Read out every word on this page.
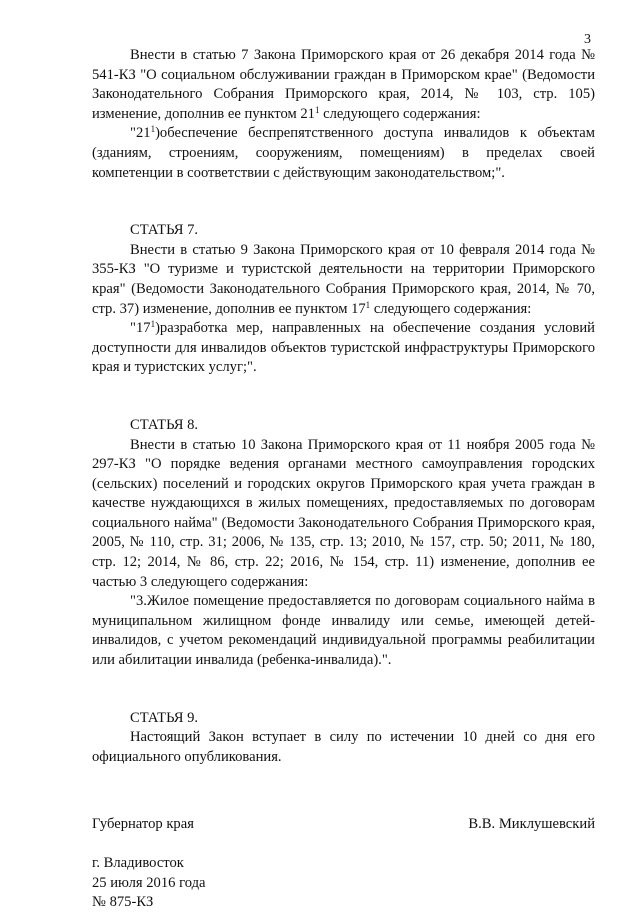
3

Внести в статью 7 Закона Приморского края от 26 декабря 2014 года № 541-КЗ "О социальном обслуживании граждан в Приморском крае" (Ведомости Законодательного Собрания Приморского края, 2014, № 103, стр. 105) изменение, дополнив ее пунктом $21^1$ следующего содержания:

"$21^1)обеспечение$ беспрепятственного доступа инвалидов к объектам (зданиям, строениям, сооружениям, помещениям) в пределах своей компетенции в соответствии с действующим законодательством;".

СТАТЬЯ 7.

Внести в статью 9 Закона Приморского края от 10 февраля 2014 года № 355-КЗ "О туризме и туристской деятельности на территории Приморского края" (Ведомости Законодательного Собрания Приморского края, 2014, № 70, стр. 37) изменение, дополнив ее пунктом $17^1$ следующего содержания:

"$17^1)разработка$ мер, направленных на обеспечение создания условий доступности для инвалидов объектов туристской инфраструктуры Приморского края и туристских услуг;".

СТАТЬЯ 8.

Внести в статью 10 Закона Приморского края от 11 ноября 2005 года № 297-КЗ "О порядке ведения органами местного самоуправления городских (сельских) поселений и городских округов Приморского края учета граждан в качестве нуждающихся в жилых помещениях, предоставляемых по договорам социального найма" (Ведомости Законодательного Собрания Приморского края, 2005, № 110, стр. 31; 2006, № 135, стр. 13; 2010, № 157, стр. 50; 2011, № 180, стр. 12; 2014, № 86, стр. 22; 2016, № 154, стр. 11) изменение, дополнив ее частью 3 следующего содержания:

"3.Жилое помещение предоставляется по договорам социального найма в муниципальном жилищном фонде инвалиду или семье, имеющей детей-инвалидов, с учетом рекомендаций индивидуальной программы реабилитации или абилитации инвалида (ребенка-инвалида).".

СТАТЬЯ 9.

Настоящий Закон вступает в силу по истечении 10 дней со дня его официального опубликования.

Губернатор края	В.В. Миклушевский

г. Владивосток

25 июля 2016 года

№ 875-КЗ
